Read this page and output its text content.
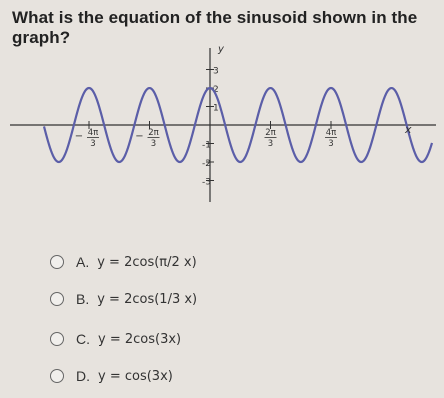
What is the equation of the sinusoid shown in the graph?
3
2
1
-1
-2
-3
− 4π
3
− 2π
3
2π
3
4π
3
x
y
A. y = 2cos(π/2 x)
B. y = 2cos(1/3 x)
C. y = 2cos(3x)
D. y = cos(3x)
